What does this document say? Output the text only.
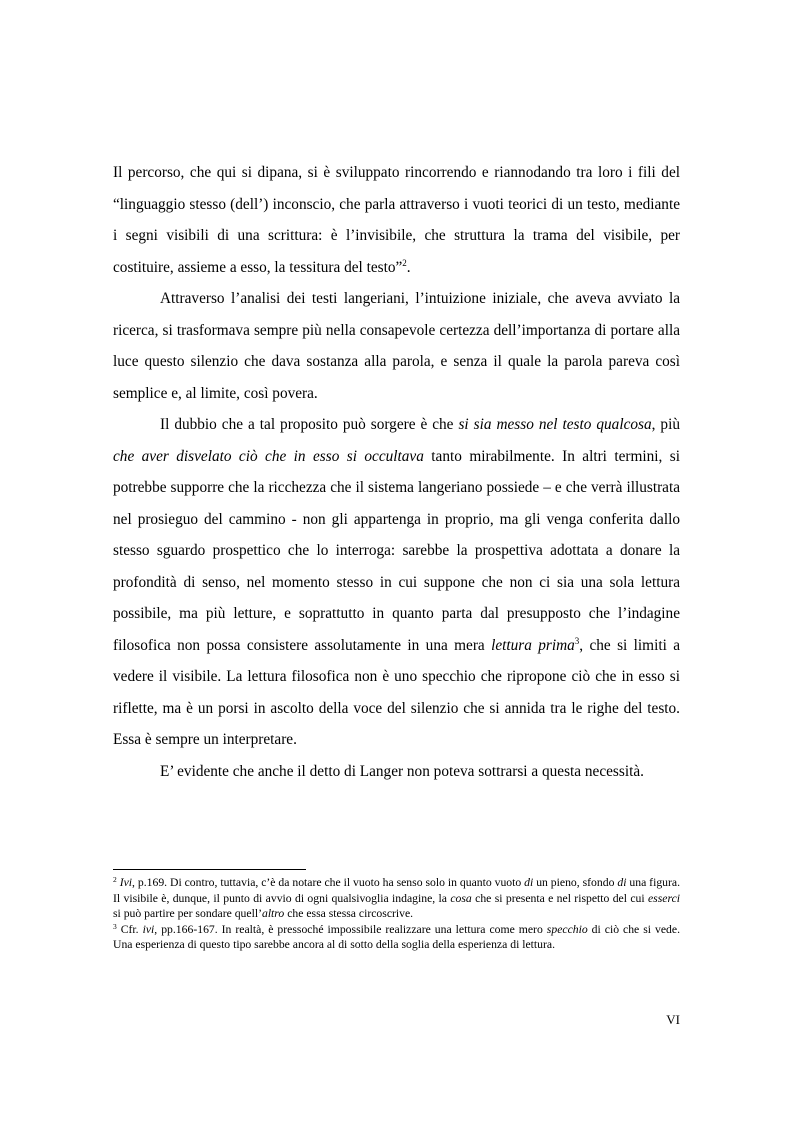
Il percorso, che qui si dipana, si è sviluppato rincorrendo e riannodando tra loro i fili del “linguaggio stesso (dell’) inconscio, che parla attraverso i vuoti teorici di un testo, mediante i segni visibili di una scrittura: è l’invisibile, che struttura la trama del visibile, per costituire, assieme a esso, la tessitura del testo”$^2$.

Attraverso l’analisi dei testi langeriani, l’intuizione iniziale, che aveva avviato la ricerca, si trasformava sempre più nella consapevole certezza dell’importanza di portare alla luce questo silenzio che dava sostanza alla parola, e senza il quale la parola pareva così semplice e, al limite, così povera.

Il dubbio che a tal proposito può sorgere è che si sia messo nel testo qualcosa, più che aver disvelato ciò che in esso si occultava tanto mirabilmente. In altri termini, si potrebbe supporre che la ricchezza che il sistema langeriano possiede – e che verrà illustrata nel prosieguo del cammino - non gli appartenga in proprio, ma gli venga conferita dallo stesso sguardo prospettico che lo interroga: sarebbe la prospettiva adottata a donare la profondità di senso, nel momento stesso in cui suppone che non ci sia una sola lettura possibile, ma più letture, e soprattutto in quanto parta dal presupposto che l’indagine filosofica non possa consistere assolutamente in una mera lettura prima$^3$, che si limiti a vedere il visibile. La lettura filosofica non è uno specchio che ripropone ciò che in esso si riflette, ma è un porsi in ascolto della voce del silenzio che si annida tra le righe del testo. Essa è sempre un interpretare.

E’ evidente che anche il detto di Langer non poteva sottrarsi a questa necessità.

$^2$ Ivi, p.169. Di contro, tuttavia, c’è da notare che il vuoto ha senso solo in quanto vuoto di un pieno, sfondo di una figura. Il visibile è, dunque, il punto di avvio di ogni qualsivoglia indagine, la cosa che si presenta e nel rispetto del cui esserci si può partire per sondare quell’altro che essa stessa circoscrive.

$^3$ Cfr. ivi, pp.166-167. In realtà, è pressoché impossibile realizzare una lettura come mero specchio di ciò che si vede. Una esperienza di questo tipo sarebbe ancora al di sotto della soglia della esperienza di lettura.

VI
